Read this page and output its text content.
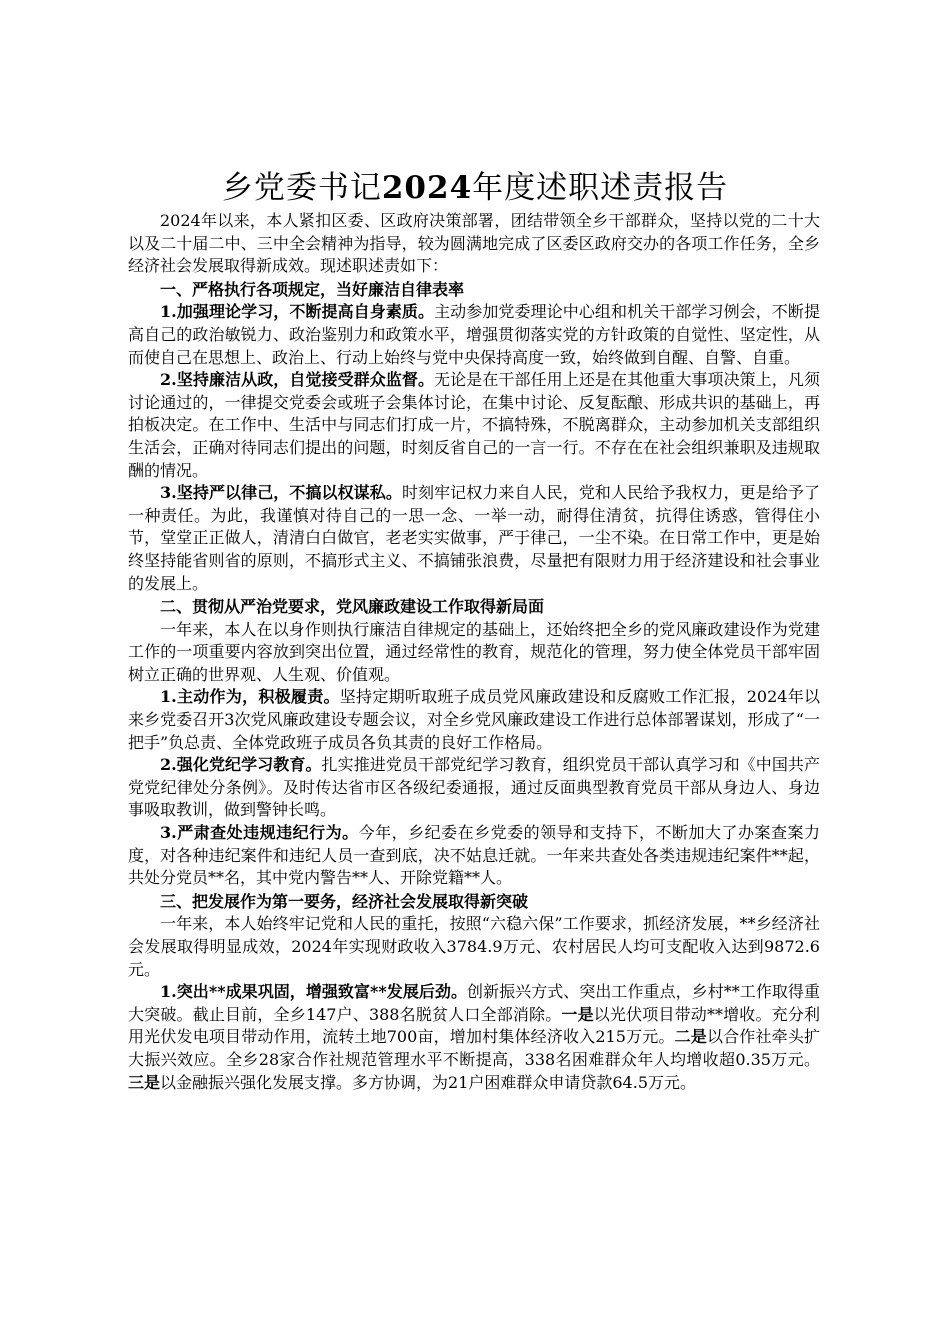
乡党委书记2024年度述职述责报告

2024年以来，本人紧扣区委、区政府决策部署，团结带领全乡干部群众，坚持以党的二十大以及二十届二中、三中全会精神为指导，较为圆满地完成了区委区政府交办的各项工作任务，全乡经济社会发展取得新成效。现述职述责如下：

一、严格执行各项规定，当好廉洁自律表率

1.加强理论学习，不断提高自身素质。主动参加党委理论中心组和机关干部学习例会，不断提高自己的政治敏锐力、政治鉴别力和政策水平，增强贯彻落实党的方针政策的自觉性、坚定性，从而使自己在思想上、政治上、行动上始终与党中央保持高度一致，始终做到自醒、自警、自重。

2.坚持廉洁从政，自觉接受群众监督。无论是在干部任用上还是在其他重大事项决策上，凡须讨论通过的，一律提交党委会或班子会集体讨论，在集中讨论、反复酝酿、形成共识的基础上，再拍板决定。在工作中、生活中与同志们打成一片，不搞特殊，不脱离群众，主动参加机关支部组织生活会，正确对待同志们提出的问题，时刻反省自己的一言一行。不存在在社会组织兼职及违规取酬的情况。

3.坚持严以律己，不搞以权谋私。时刻牢记权力来自人民，党和人民给予我权力，更是给予了一种责任。为此，我谨慎对待自己的一思一念、一举一动，耐得住清贫，抗得住诱惑，管得住小节，堂堂正正做人，清清白白做官，老老实实做事，严于律己，一尘不染。在日常工作中，更是始终坚持能省则省的原则，不搞形式主义、不搞铺张浪费，尽量把有限财力用于经济建设和社会事业的发展上。

二、贯彻从严治党要求，党风廉政建设工作取得新局面

一年来，本人在以身作则执行廉洁自律规定的基础上，还始终把全乡的党风廉政建设作为党建工作的一项重要内容放到突出位置，通过经常性的教育，规范化的管理，努力使全体党员干部牢固树立正确的世界观、人生观、价值观。

1.主动作为，积极履责。坚持定期听取班子成员党风廉政建设和反腐败工作汇报，2024年以来乡党委召开3次党风廉政建设专题会议，对全乡党风廉政建设工作进行总体部署谋划，形成了“一把手”负总责、全体党政班子成员各负其责的良好工作格局。

2.强化党纪学习教育。扎实推进党员干部党纪学习教育，组织党员干部认真学习和《中国共产党党纪律处分条例》。及时传达省市区各级纪委通报，通过反面典型教育党员干部从身边人、身边事吸取教训，做到警钟长鸣。

3.严肃查处违规违纪行为。今年，乡纪委在乡党委的领导和支持下，不断加大了办案查案力度，对各种违纪案件和违纪人员一查到底，决不姑息迁就。一年来共查处各类违规违纪案件**起，共处分党员**名，其中党内警告**人、开除党籍**人。

三、把发展作为第一要务，经济社会发展取得新突破

一年来，本人始终牢记党和人民的重托，按照“六稳六保”工作要求，抓经济发展，**乡经济社会发展取得明显成效，2024年实现财政收入3784.9万元、农村居民人均可支配收入达到9872.6元。

1.突出**成果巩固，增强致富**发展后劲。创新振兴方式、突出工作重点，乡村**工作取得重大突破。截止目前，全乡147户、388名脱贫人口全部消除。一是以光伏项目带动**增收。充分利用光伏发电项目带动作用，流转土地700亩，增加村集体经济收入215万元。二是以合作社牵头扩大振兴效应。全乡28家合作社规范管理水平不断提高，338名困难群众年人均增收超0.35万元。三是以金融振兴强化发展支撑。多方协调，为21户困难群众申请贷款64.5万元。
